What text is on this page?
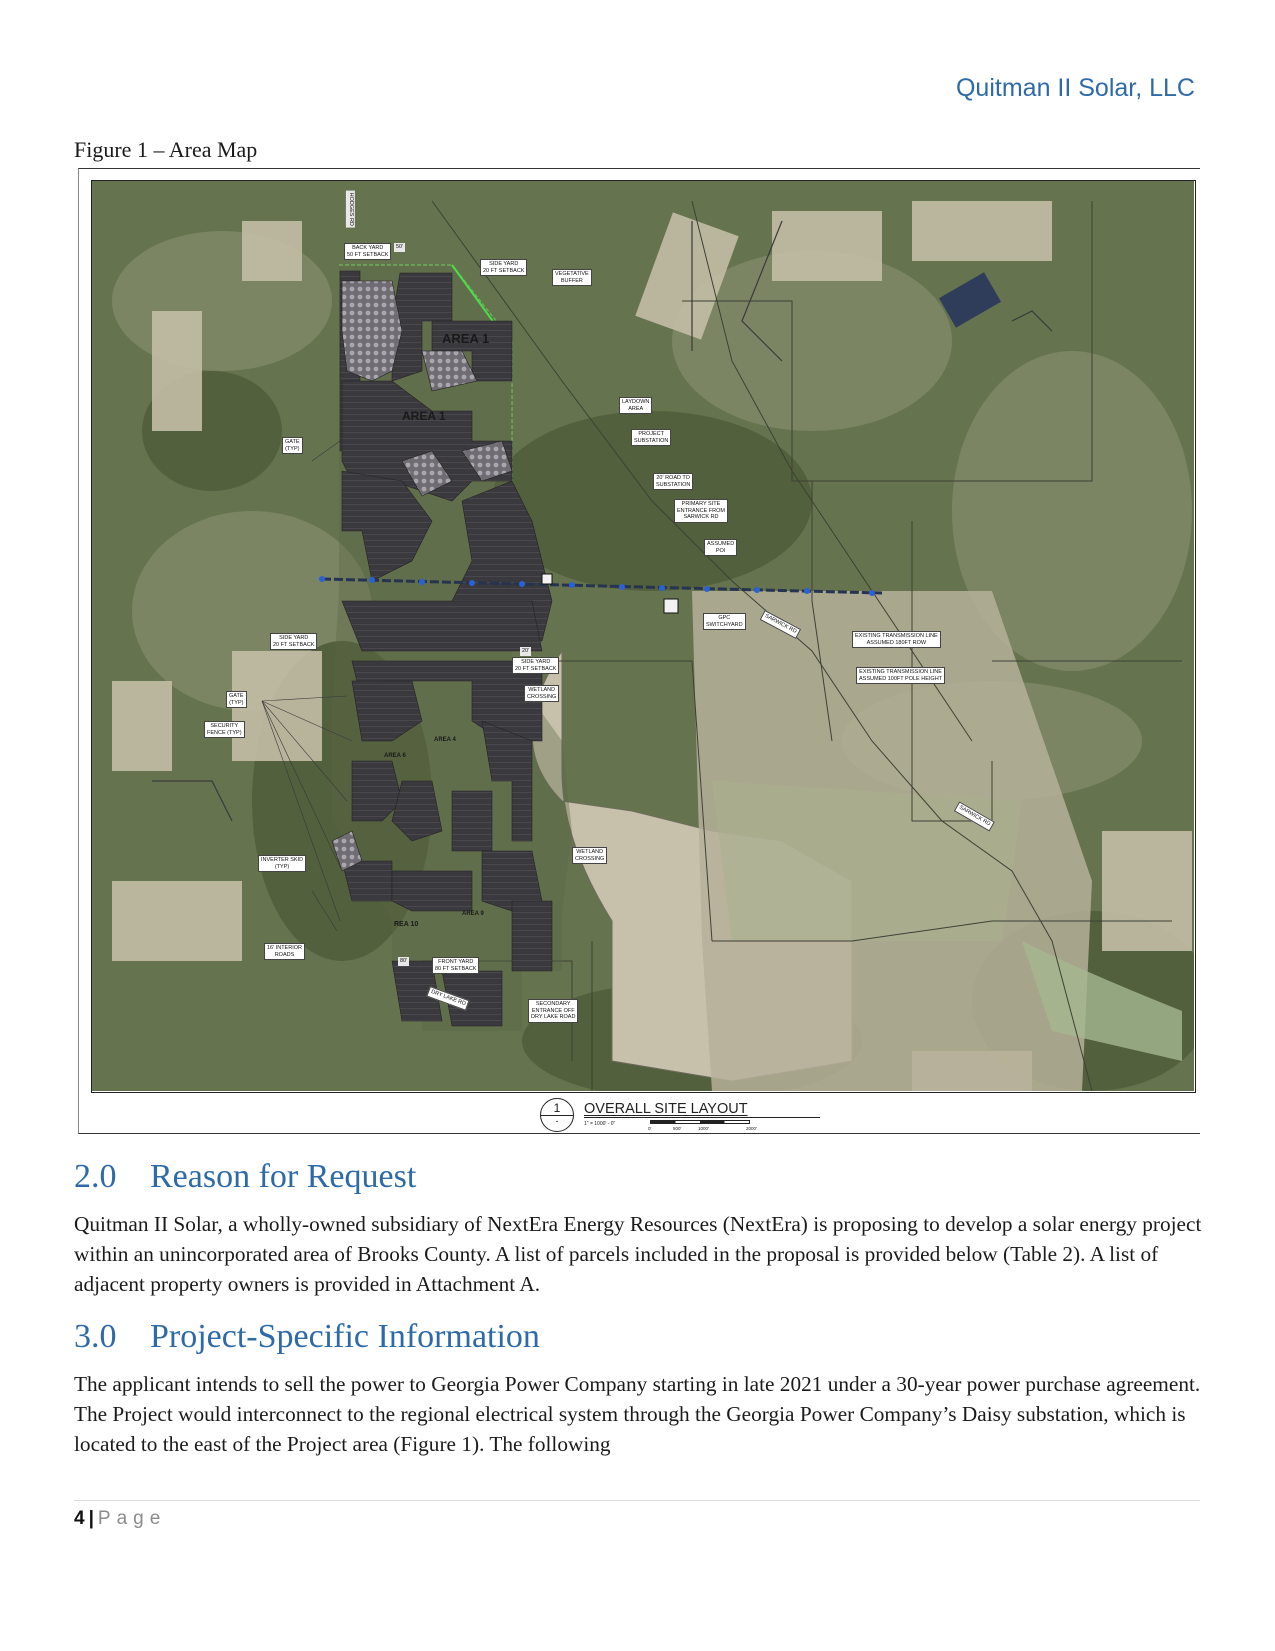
Quitman II Solar, LLC
Figure 1 – Area Map
HODGES RD
SARWICK RD
SARWICK RD
DRY LAKE RD
BACK YARD
50 FT SETBACK
50'
SIDE YARD
20 FT SETBACK
VEGETATIVE
BUFFER
LAYDOWN
AREA
PROJECT
SUBSTATION
20' ROAD TO
SUBSTATION
PRIMARY SITE
ENTRANCE FROM
SARWICK RD
ASSUMED
POI
GPC
SWITCHYARD
EXISTING TRANSMISSION LINE
ASSUMED 180FT ROW
EXISTING TRANSMISSION LINE
ASSUMED 100FT POLE HEIGHT
GATE
(TYP)
SIDE YARD
20 FT SETBACK
20'
SIDE YARD
20 FT SETBACK
WETLAND
CROSSING
GATE
(TYP)
SECURITY
FENCE (TYP)
WETLAND
CROSSING
INVERTER SKID
(TYP)
16' INTERIOR
ROADS
80'	FRONT YARD
80 FT SETBACK
SECONDARY
ENTRANCE OFF
DRY LAKE ROAD
AREA 1
AREA 1
AREA 6
AREA 4
REA 10
AREA 9
1
-
OVERALL SITE LAYOUT
1" = 1000' - 0"
0'	500'	1000'	2000'
2.0 Reason for Request

Quitman II Solar, a wholly-owned subsidiary of NextEra Energy Resources (NextEra) is proposing to develop a solar energy project within an unincorporated area of Brooks County. A list of parcels included in the proposal is provided below (Table 2). A list of adjacent property owners is provided in Attachment A.

3.0 Project-Specific Information

The applicant intends to sell the power to Georgia Power Company starting in late 2021 under a 30-year power purchase agreement. The Project would interconnect to the regional electrical system through the Georgia Power Company’s Daisy substation, which is located to the east of the Project area (Figure 1). The following

4 | Page
